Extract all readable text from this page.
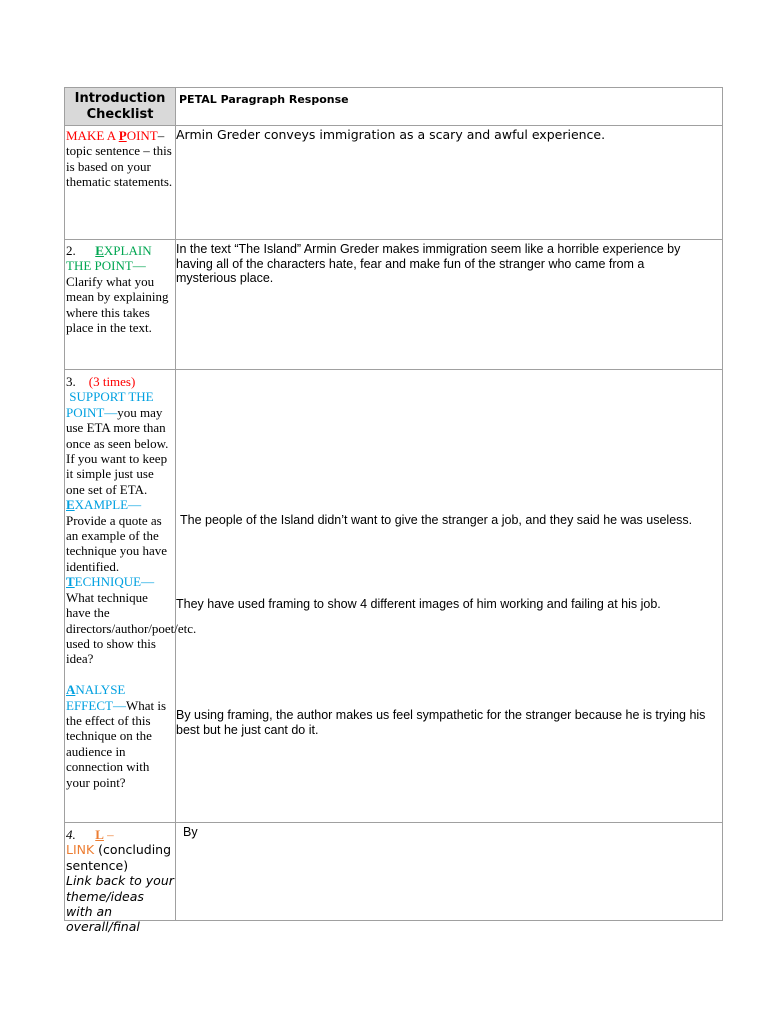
Introduction Checklist
PETAL Paragraph Response
MAKE A POINT– topic sentence – this is based on your thematic statements.
Armin Greder conveys immigration as a scary and awful experience.
2. EXPLAIN THE POINT—Clarify what you mean by explaining where this takes place in the text.
In the text “The Island” Armin Greder makes immigration seem like a horrible experience by having all of the characters hate, fear and make fun of the stranger who came from a mysterious place.
3. (3 times)
SUPPORT THE POINT—you may use ETA more than once as seen below. If you want to keep it simple just use one set of ETA.
EXAMPLE—Provide a quote as an example of the technique you have identified.
TECHNIQUE—What technique have the directors/author/poet/etc. used to show this idea?

ANALYSE EFFECT—What is the effect of this technique on the audience in connection with your point?
The people of the Island didn’t want to give the stranger a job, and they said he was useless.
They have used framing to show 4 different images of him working and failing at his job.
By using framing, the author makes us feel sympathetic for the stranger because he is trying his best but he just cant do it.
4. L –
LINK (concluding sentence)
Link back to your theme/ideas with an overall/final
By
